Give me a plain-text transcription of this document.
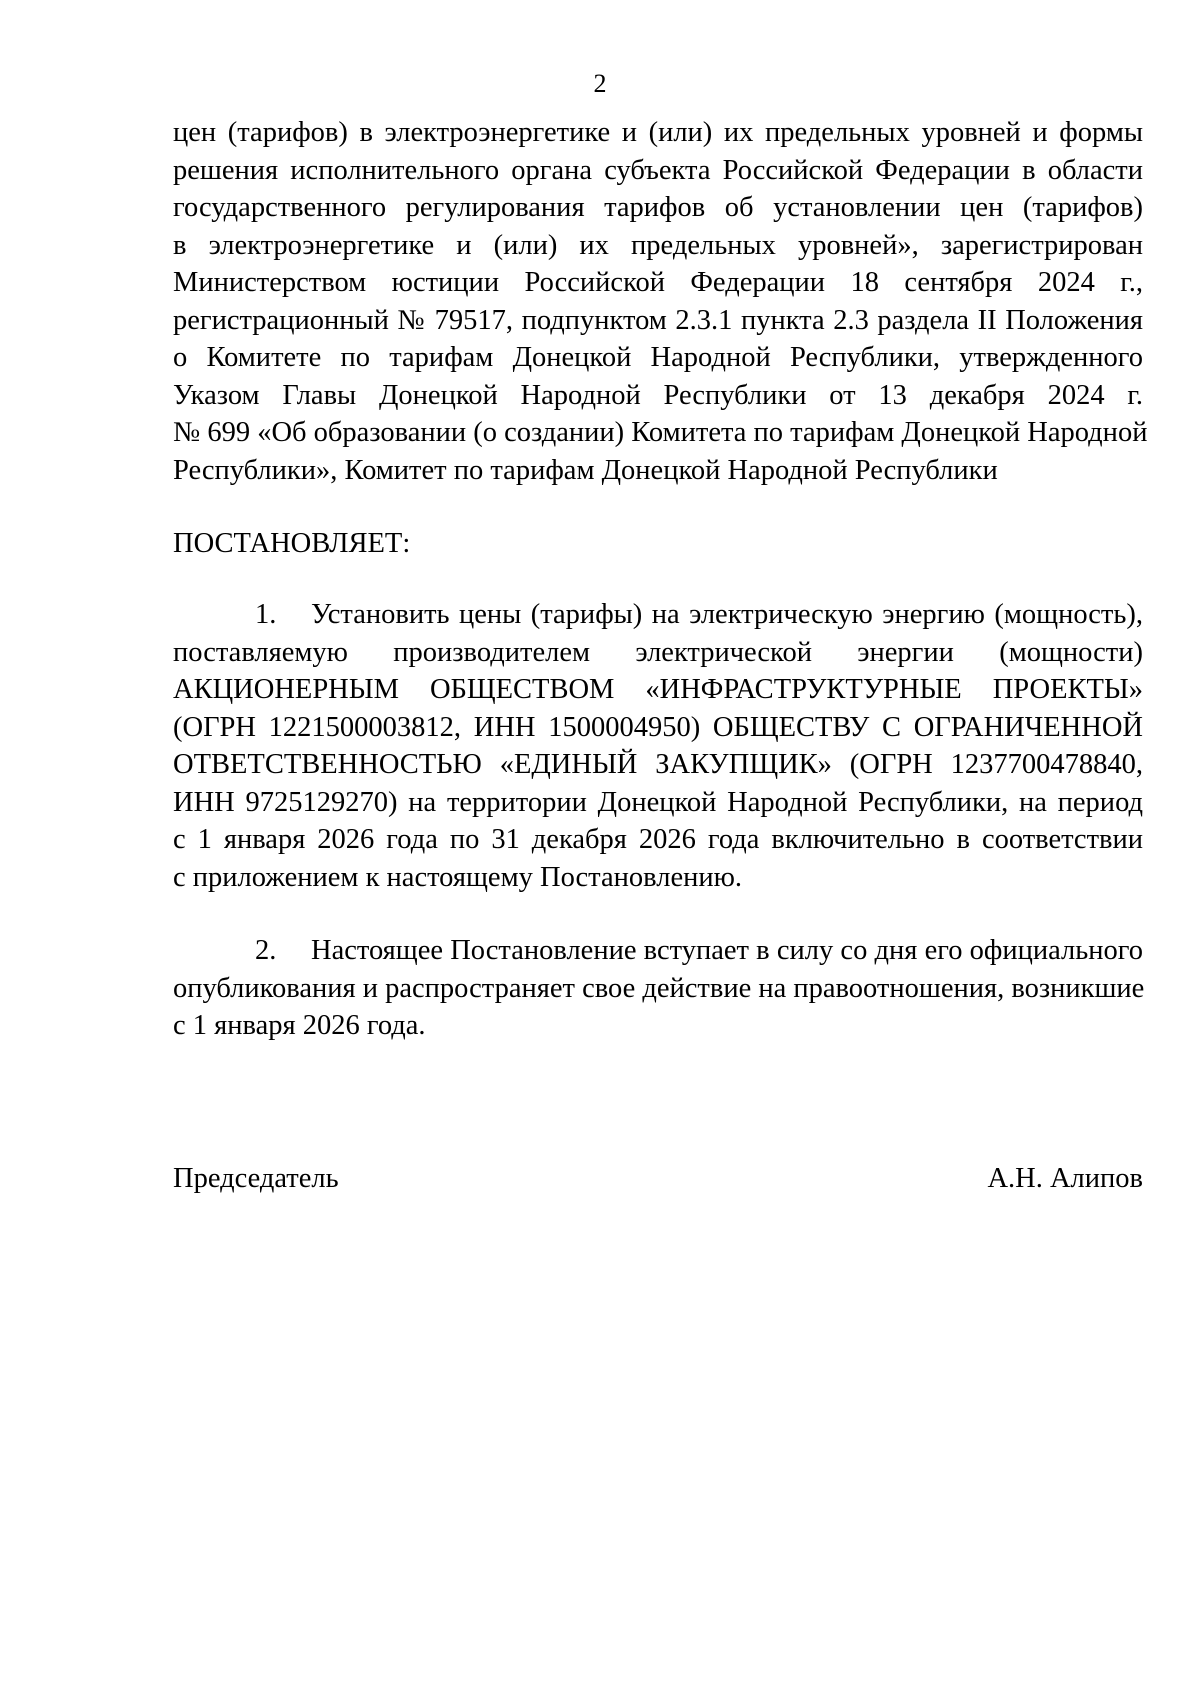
2
цен (тарифов) в электроэнергетике и (или) их предельных уровней и формы
решения исполнительного органа субъекта Российской Федерации в области
государственного регулирования тарифов об установлении цен (тарифов)
в электроэнергетике и (или) их предельных уровней», зарегистрирован
Министерством юстиции Российской Федерации 18 сентября 2024 г.,
регистрационный № 79517, подпунктом 2.3.1 пункта 2.3 раздела II Положения
о Комитете по тарифам Донецкой Народной Республики, утвержденного
Указом Главы Донецкой Народной Республики от 13 декабря 2024 г.
№ 699 «Об образовании (о создании) Комитета по тарифам Донецкой Народной
Республики», Комитет по тарифам Донецкой Народной Республики
ПОСТАНОВЛЯЕТ:
1. Установить цены (тарифы) на электрическую энергию (мощность),
поставляемую производителем электрической энергии (мощности)
АКЦИОНЕРНЫМ ОБЩЕСТВОМ «ИНФРАСТРУКТУРНЫЕ ПРОЕКТЫ»
(ОГРН 1221500003812, ИНН 1500004950) ОБЩЕСТВУ С ОГРАНИЧЕННОЙ
ОТВЕТСТВЕННОСТЬЮ «ЕДИНЫЙ ЗАКУПЩИК» (ОГРН 1237700478840,
ИНН 9725129270) на территории Донецкой Народной Республики, на период
с 1 января 2026 года по 31 декабря 2026 года включительно в соответствии
с приложением к настоящему Постановлению.
2. Настоящее Постановление вступает в силу со дня его официального
опубликования и распространяет свое действие на правоотношения, возникшие
с 1 января 2026 года.
Председатель	А.Н. Алипов
